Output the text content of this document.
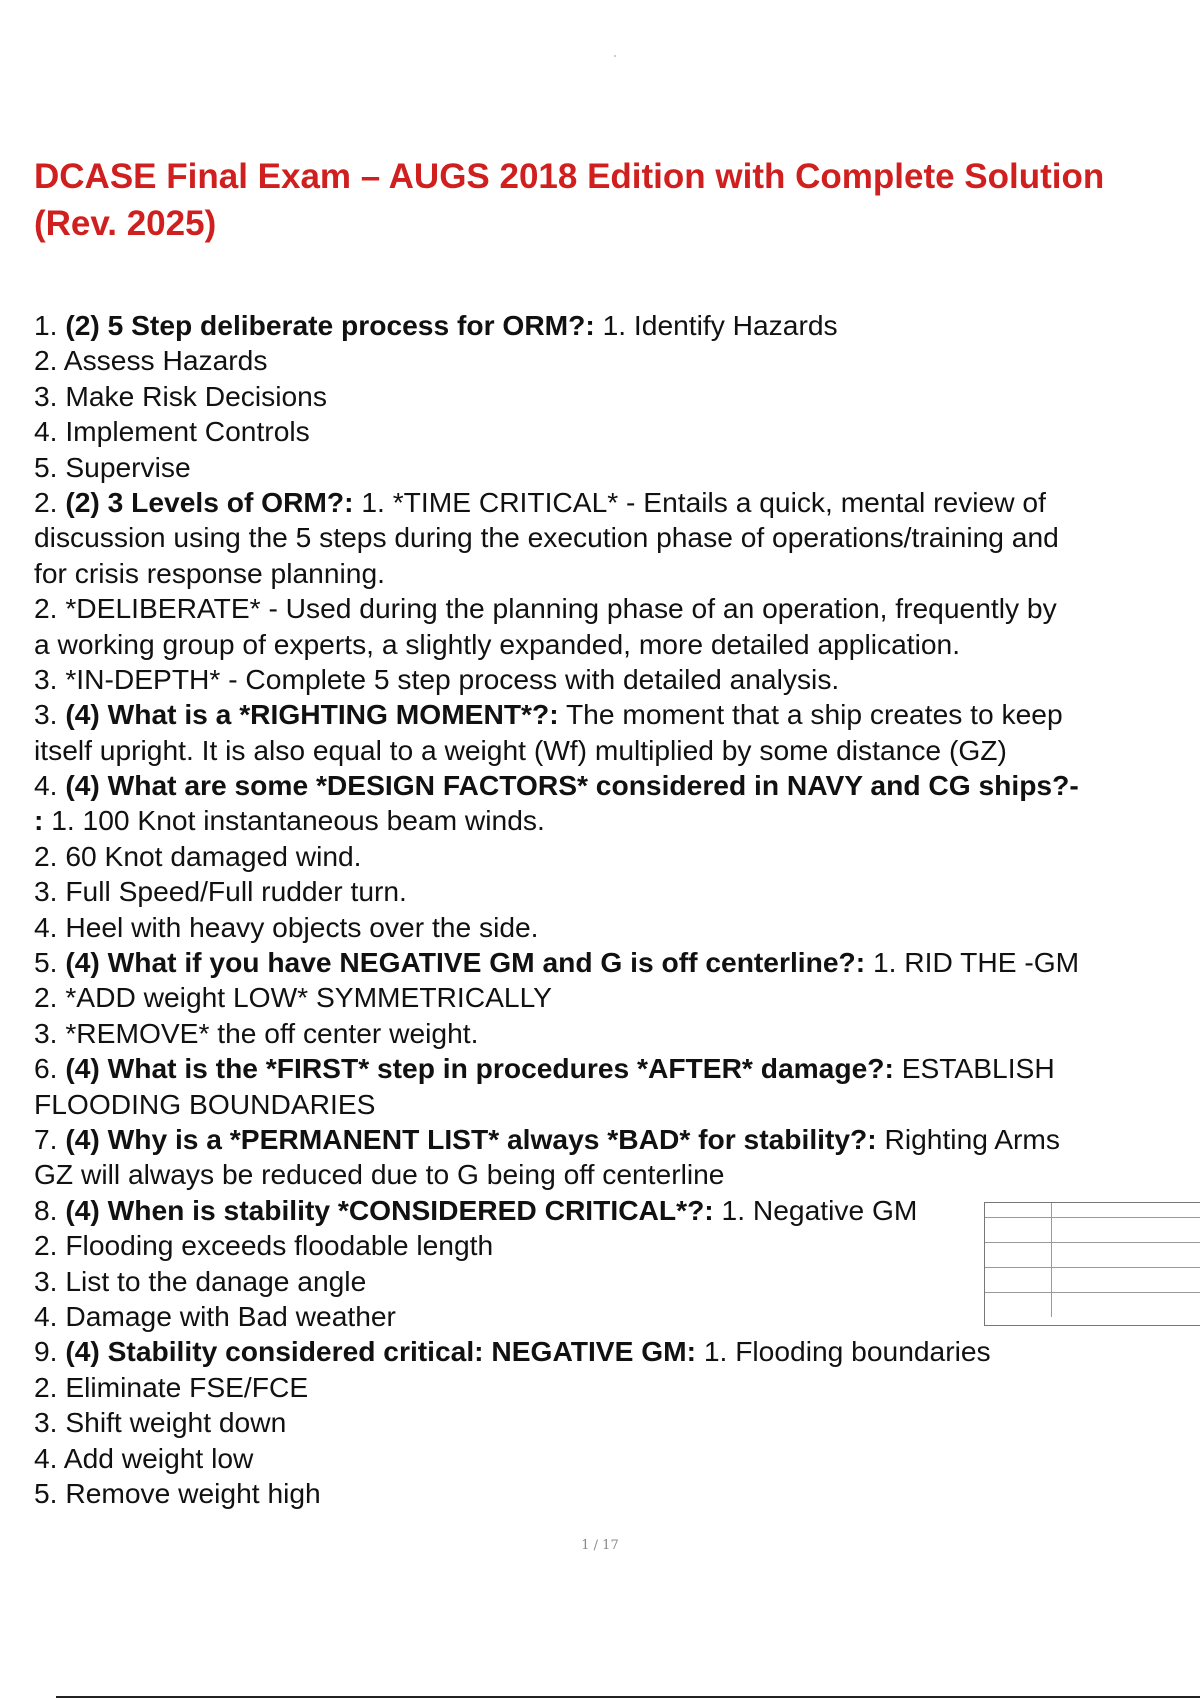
DCASE Final Exam – AUGS 2018 Edition with Complete Solution
(Rev. 2025)
1. (2) 5 Step deliberate process for ORM?: 1. Identify Hazards
2. Assess Hazards
3. Make Risk Decisions
4. Implement Controls
5. Supervise
2. (2) 3 Levels of ORM?: 1. *TIME CRITICAL* - Entails a quick, mental review of
discussion using the 5 steps during the execution phase of operations/training and
for crisis response planning.
2. *DELIBERATE* - Used during the planning phase of an operation, frequently by
a working group of experts, a slightly expanded, more detailed application.
3. *IN-DEPTH* - Complete 5 step process with detailed analysis.
3. (4) What is a *RIGHTING MOMENT*?: The moment that a ship creates to keep
itself upright. It is also equal to a weight (Wf) multiplied by some distance (GZ)
4. (4) What are some *DESIGN FACTORS* considered in NAVY and CG ships?-
: 1. 100 Knot instantaneous beam winds.
2. 60 Knot damaged wind.
3. Full Speed/Full rudder turn.
4. Heel with heavy objects over the side.
5. (4) What if you have NEGATIVE GM and G is off centerline?: 1. RID THE -GM
2. *ADD weight LOW* SYMMETRICALLY
3. *REMOVE* the off center weight.
6. (4) What is the *FIRST* step in procedures *AFTER* damage?: ESTABLISH
FLOODING BOUNDARIES
7. (4) Why is a *PERMANENT LIST* always *BAD* for stability?: Righting Arms
GZ will always be reduced due to G being off centerline
8. (4) When is stability *CONSIDERED CRITICAL*?: 1. Negative GM
2. Flooding exceeds floodable length
3. List to the danage angle
4. Damage with Bad weather
9. (4) Stability considered critical: NEGATIVE GM: 1. Flooding boundaries
2. Eliminate FSE/FCE
3. Shift weight down
4. Add weight low
5. Remove weight high
1 / 17
